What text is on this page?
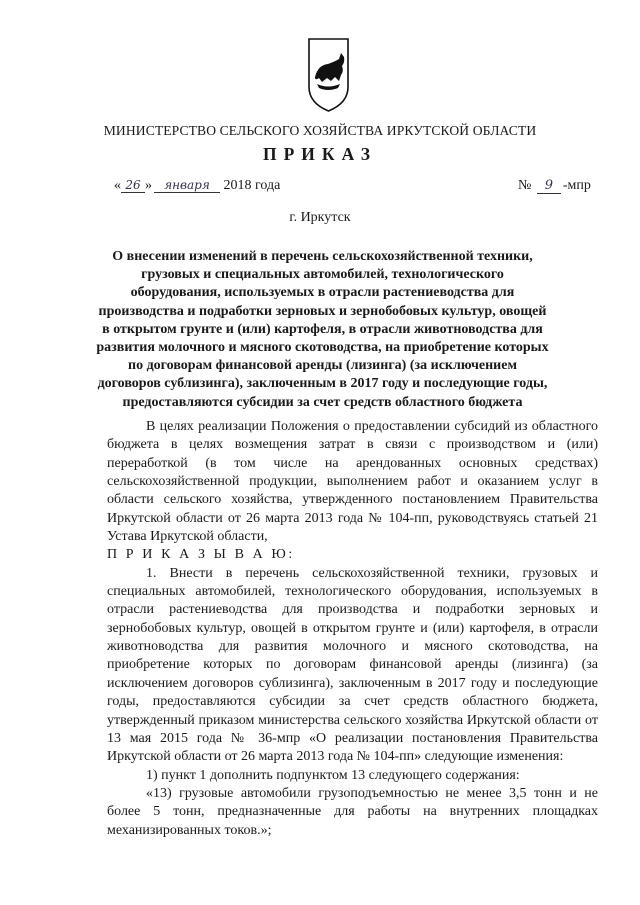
МИНИСТЕРСТВО СЕЛЬСКОГО ХОЗЯЙСТВА ИРКУТСКОЙ ОБЛАСТИ
ПРИКАЗ
« 26 » января 2018 года	№ 9 -мпр
г. Иркутск
О внесении изменений в перечень сельскохозяйственной техники, грузовых и специальных автомобилей, технологического оборудования, используемых в отрасли растениеводства для производства и подработки зерновых и зернобобовых культур, овощей в открытом грунте и (или) картофеля, в отрасли животноводства для развития молочного и мясного скотоводства, на приобретение которых по договорам финансовой аренды (лизинга) (за исключением договоров сублизинга), заключенным в 2017 году и последующие годы, предоставляются субсидии за счет средств областного бюджета

В целях реализации Положения о предоставлении субсидий из областного бюджета в целях возмещения затрат в связи с производством и (или) переработкой (в том числе на арендованных основных средствах) сельскохозяйственной продукции, выполнением работ и оказанием услуг в области сельского хозяйства, утвержденного постановлением Правительства Иркутской области от 26 марта 2013 года № 104-пп, руководствуясь статьей 21 Устава Иркутской области,

П Р И К А З Ы В А Ю:

1. Внести в перечень сельскохозяйственной техники, грузовых и специальных автомобилей, технологического оборудования, используемых в отрасли растениеводства для производства и подработки зерновых и зернобобовых культур, овощей в открытом грунте и (или) картофеля, в отрасли животноводства для развития молочного и мясного скотоводства, на приобретение которых по договорам финансовой аренды (лизинга) (за исключением договоров сублизинга), заключенным в 2017 году и последующие годы, предоставляются субсидии за счет средств областного бюджета, утвержденный приказом министерства сельского хозяйства Иркутской области от 13 мая 2015 года № 36-мпр «О реализации постановления Правительства Иркутской области от 26 марта 2013 года № 104-пп» следующие изменения:

1) пункт 1 дополнить подпунктом 13 следующего содержания:

«13) грузовые автомобили грузоподъемностью не менее 3,5 тонн и не более 5 тонн, предназначенные для работы на внутренних площадках механизированных токов.»;
